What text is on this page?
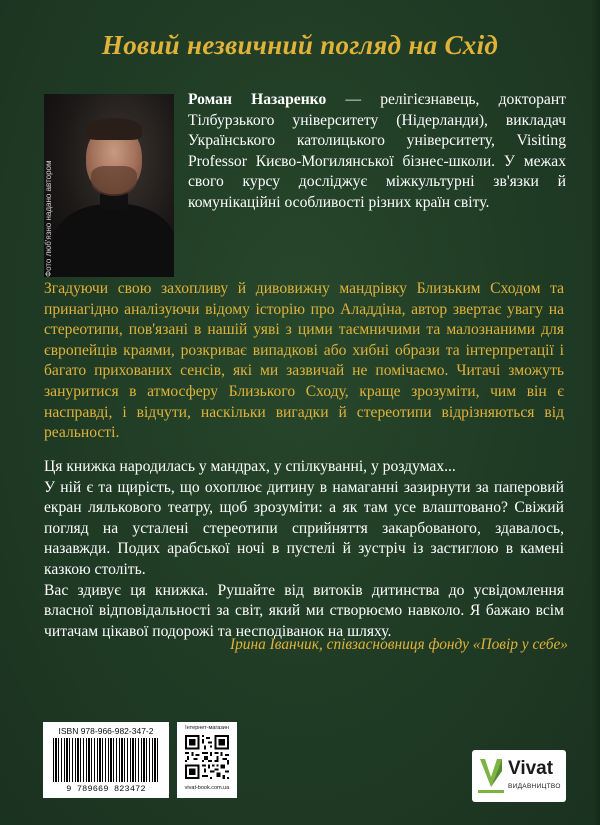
Новий незвичний погляд на Схід
Фото люб'язно надано автором

Роман Назаренко — релігієзнавець, докторант Тілбурзького університету (Нідерланди), викладач Українського католицького університету, Visiting Professor Києво-Могилянської бізнес-школи. У межах свого курсу досліджує міжкультурні зв'язки й комунікаційні особливості різних країн світу.

Згадуючи свою захопливу й дивовижну мандрівку Близьким Сходом та принагідно аналізуючи відому історію про Аладдіна, автор звертає увагу на стереотипи, пов'язані в нашій уяві з цими таємничими та малознаними для європейців краями, розкриває випадкові або хибні образи та інтерпретації і багато прихованих сенсів, які ми зазвичай не помічаємо. Читачі зможуть зануритися в атмосферу Близького Сходу, краще зрозуміти, чим він є насправді, і відчути, наскільки вигадки й стереотипи відрізняються від реальності.

Ця книжка народилась у мандрах, у спілкуванні, у роздумах...

У ній є та щирість, що охоплює дитину в намаганні зазирнути за паперовий екран лялькового театру, щоб зрозуміти: а як там усе влаштовано? Свіжий погляд на усталені стереотипи сприйняття закарбованого, здавалось, назавжди. Подих арабської ночі в пустелі й зустріч із застиглою в камені казкою століть.

Вас здивує ця книжка. Рушайте від витоків дитинства до усвідомлення власної відповідальності за світ, який ми створюємо навколо. Я бажаю всім читачам цікавої подорожі та несподіванок на шляху.

Ірина Іванчик, співзасновниця фонду «Повір у себе»
ISBN 978-966-982-347-2
9 789669 823472
Інтернет-магазин
vivat-book.com.ua
Vivat
ВИДАВНИЦТВО
